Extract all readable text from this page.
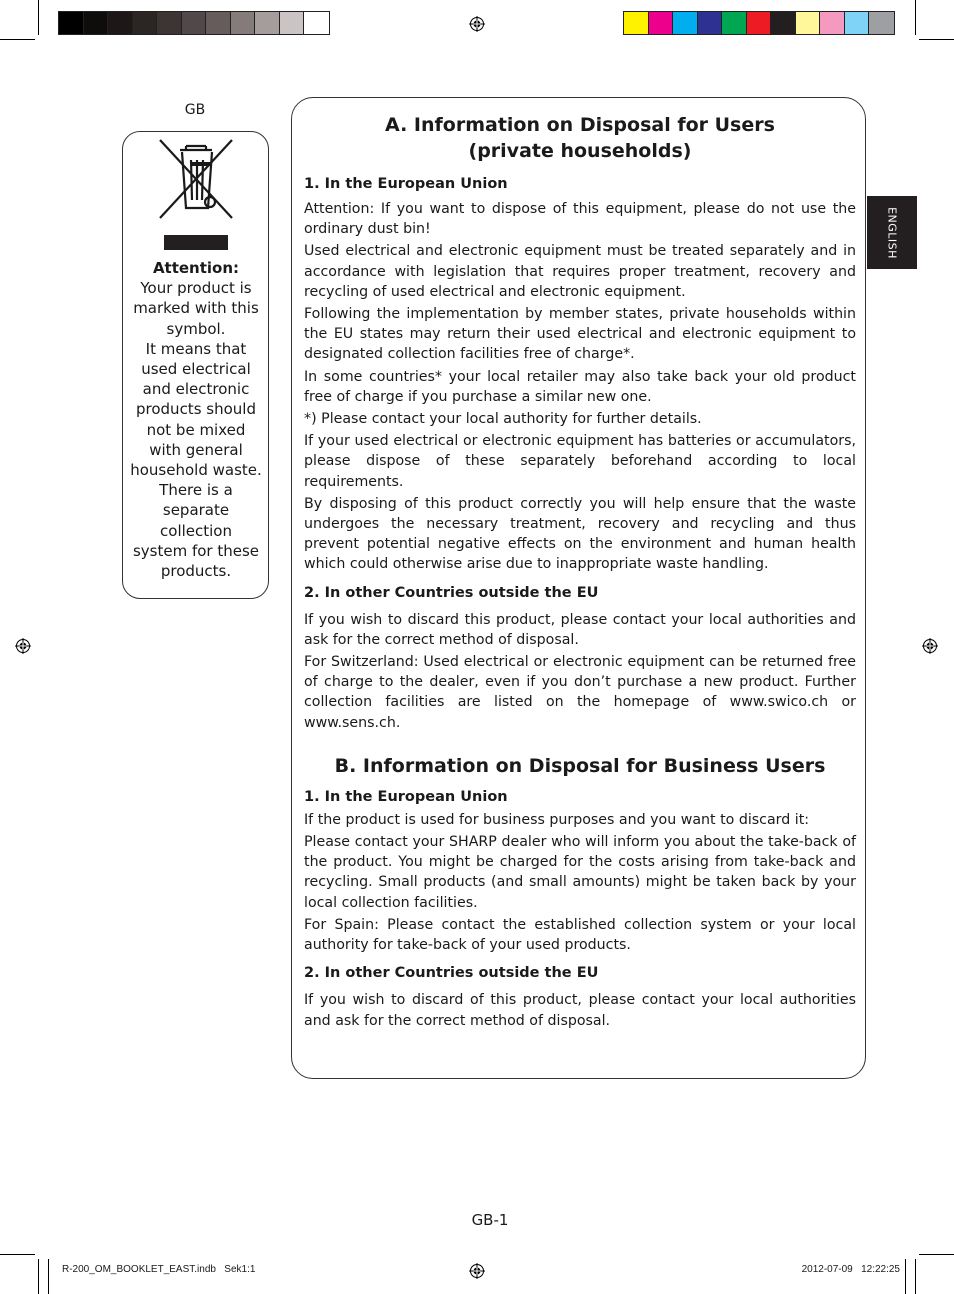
GB
Attention:
Your product is
marked with this
symbol.
It means that
used electrical
and electronic
products should
not be mixed
with general
household waste.
There is a separate
collection
system for these
products.
ENGLISH
A. Information on Disposal for Users
(private households)
1. In the European Union

Attention: If you want to dispose of this equipment, please do not use the ordinary dust bin!

Used electrical and electronic equipment must be treated separately and in accordance with legislation that requires proper treatment, recovery and recycling of used electrical and electronic equipment.

Following the implementation by member states, private households within the EU states may return their used electrical and electronic equipment to designated collection facilities free of charge*.

In some countries* your local retailer may also take back your old product free of charge if you purchase a similar new one.

*) Please contact your local authority for further details.

If your used electrical or electronic equipment has batteries or accumulators, please dispose of these separately beforehand according to local requirements.

By disposing of this product correctly you will help ensure that the waste undergoes the necessary treatment, recovery and recycling and thus prevent potential negative effects on the environment and human health which could otherwise arise due to inappropriate waste handling.

2. In other Countries outside the EU

If you wish to discard this product, please contact your local authorities and ask for the correct method of disposal.

For Switzerland: Used electrical or electronic equipment can be returned free of charge to the dealer, even if you don’t purchase a new product. Further collection facilities are listed on the homepage of www.swico.ch or www.sens.ch.

B. Information on Disposal for Business Users
1. In the European Union

If the product is used for business purposes and you want to discard it:

Please contact your SHARP dealer who will inform you about the take-back of the product. You might be charged for the costs arising from take-back and recycling. Small products (and small amounts) might be taken back by your local collection facilities.

For Spain: Please contact the established collection system or your local authority for take-back of your used products.

2. In other Countries outside the EU

If you wish to discard of this product, please contact your local authorities and ask for the correct method of disposal.

GB-1
R-200_OM_BOOKLET_EAST.indb   Sek1:1	2012-07-09   12:22:25
